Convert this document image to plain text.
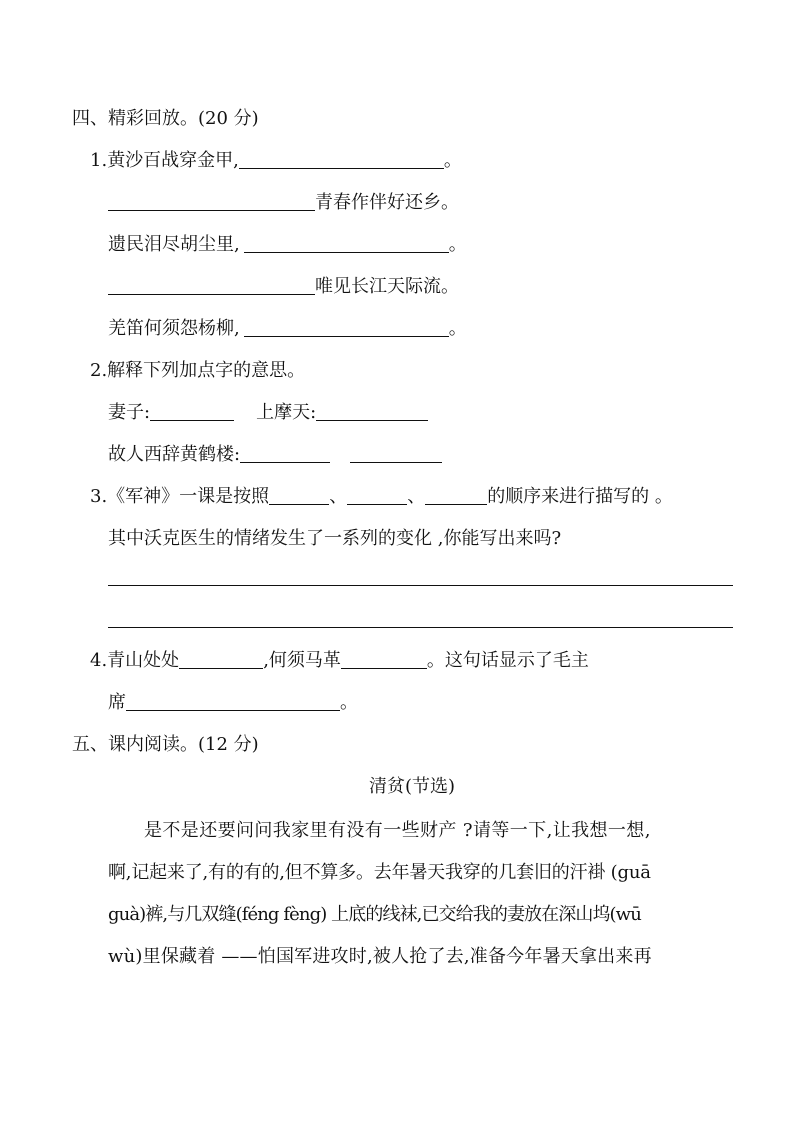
四、精彩回放。(20 分)
1.黄沙百战穿金甲,	。
青春作伴好还乡。
遗民泪尽胡尘里,	。
唯见长江天际流。
羌笛何须怨杨柳,	。
2.解释下列加点字的意思。
妻子:	上摩天:
故人西辞黄鹤楼:
3.《军神》一课是按照	、	、	的顺序来进行描写的 。
其中沃克医生的情绪发生了一系列的变化 ,你能写出来吗?
4.青山处处	,何须马革	。这句话显示了毛主
席	。
五、课内阅读。(12 分)
清贫(节选)
是不是还要问问我家里有没有一些财产 ?请等一下,让我想一想,
啊,记起来了,有的有的,但不算多。去年暑天我穿的几套旧的汗褂 (guā
guà)裤,与几双缝(féng fèng) 上底的线袜,已交给我的妻放在深山坞(wū
wù)里保藏着 ——怕国军进攻时,被人抢了去,准备今年暑天拿出来再
